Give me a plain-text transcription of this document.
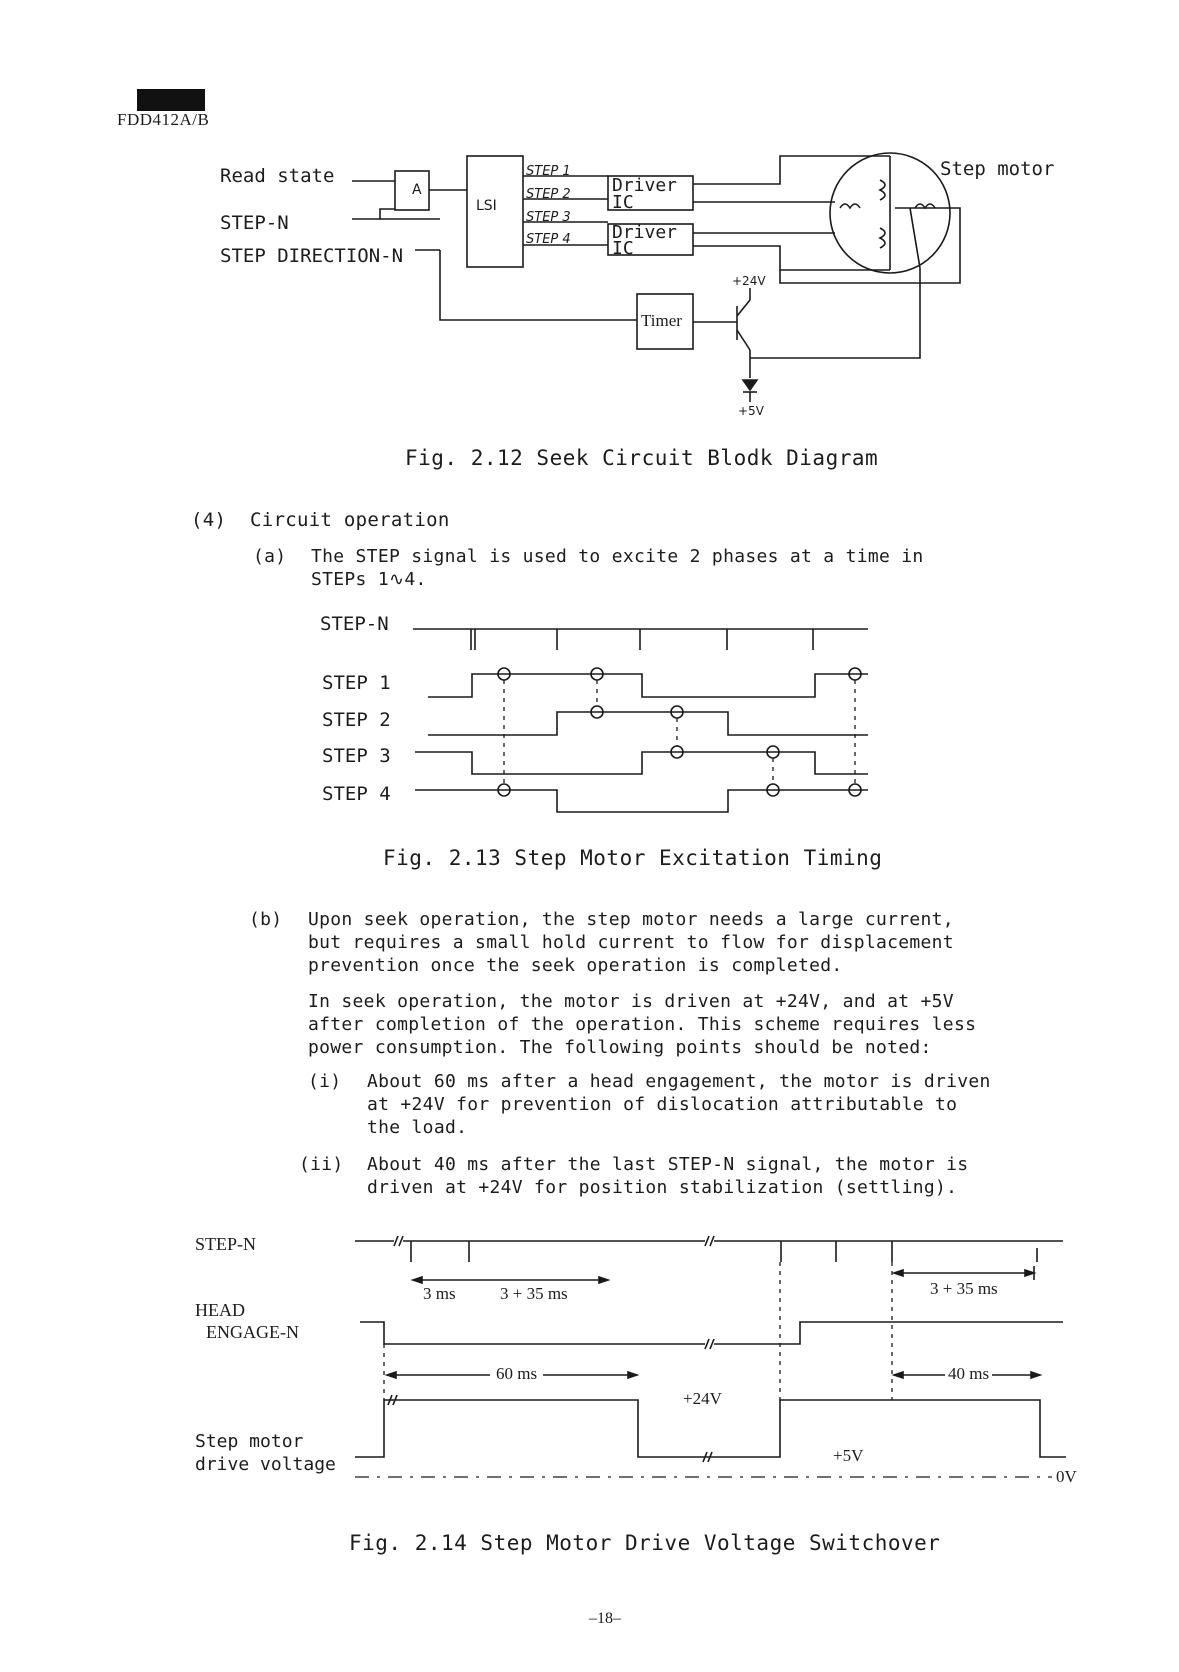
FDD412A/B
Read state
STEP-N
STEP DIRECTION-N
A
LSI
STEP 1
STEP 2
STEP 3
STEP 4
Driver
IC
Driver
IC
Timer
Step motor
+24V
+5V
Fig. 2.12 Seek Circuit Blodk Diagram
(4) Circuit operation
(a) The STEP signal is used to excite 2 phases at a time in
STEPs 1∿4.
STEP-N
STEP 1
STEP 2
STEP 3
STEP 4
Fig. 2.13 Step Motor Excitation Timing
(b) Upon seek operation, the step motor needs a large current,
but requires a small hold current to flow for displacement
prevention once the seek operation is completed.
In seek operation, the motor is driven at +24V, and at +5V
after completion of the operation. This scheme requires less
power consumption. The following points should be noted:
(i) About 60 ms after a head engagement, the motor is driven
at +24V for prevention of dislocation attributable to
the load.
(ii) About 40 ms after the last STEP-N signal, the motor is
driven at +24V for position stabilization (settling).
STEP-N
HEAD
ENGAGE-N
Step motor
drive voltage
3 ms	3 + 35 ms	3 + 35 ms
60 ms	40 ms
+24V
+5V
0V
Fig. 2.14 Step Motor Drive Voltage Switchover
–18–
